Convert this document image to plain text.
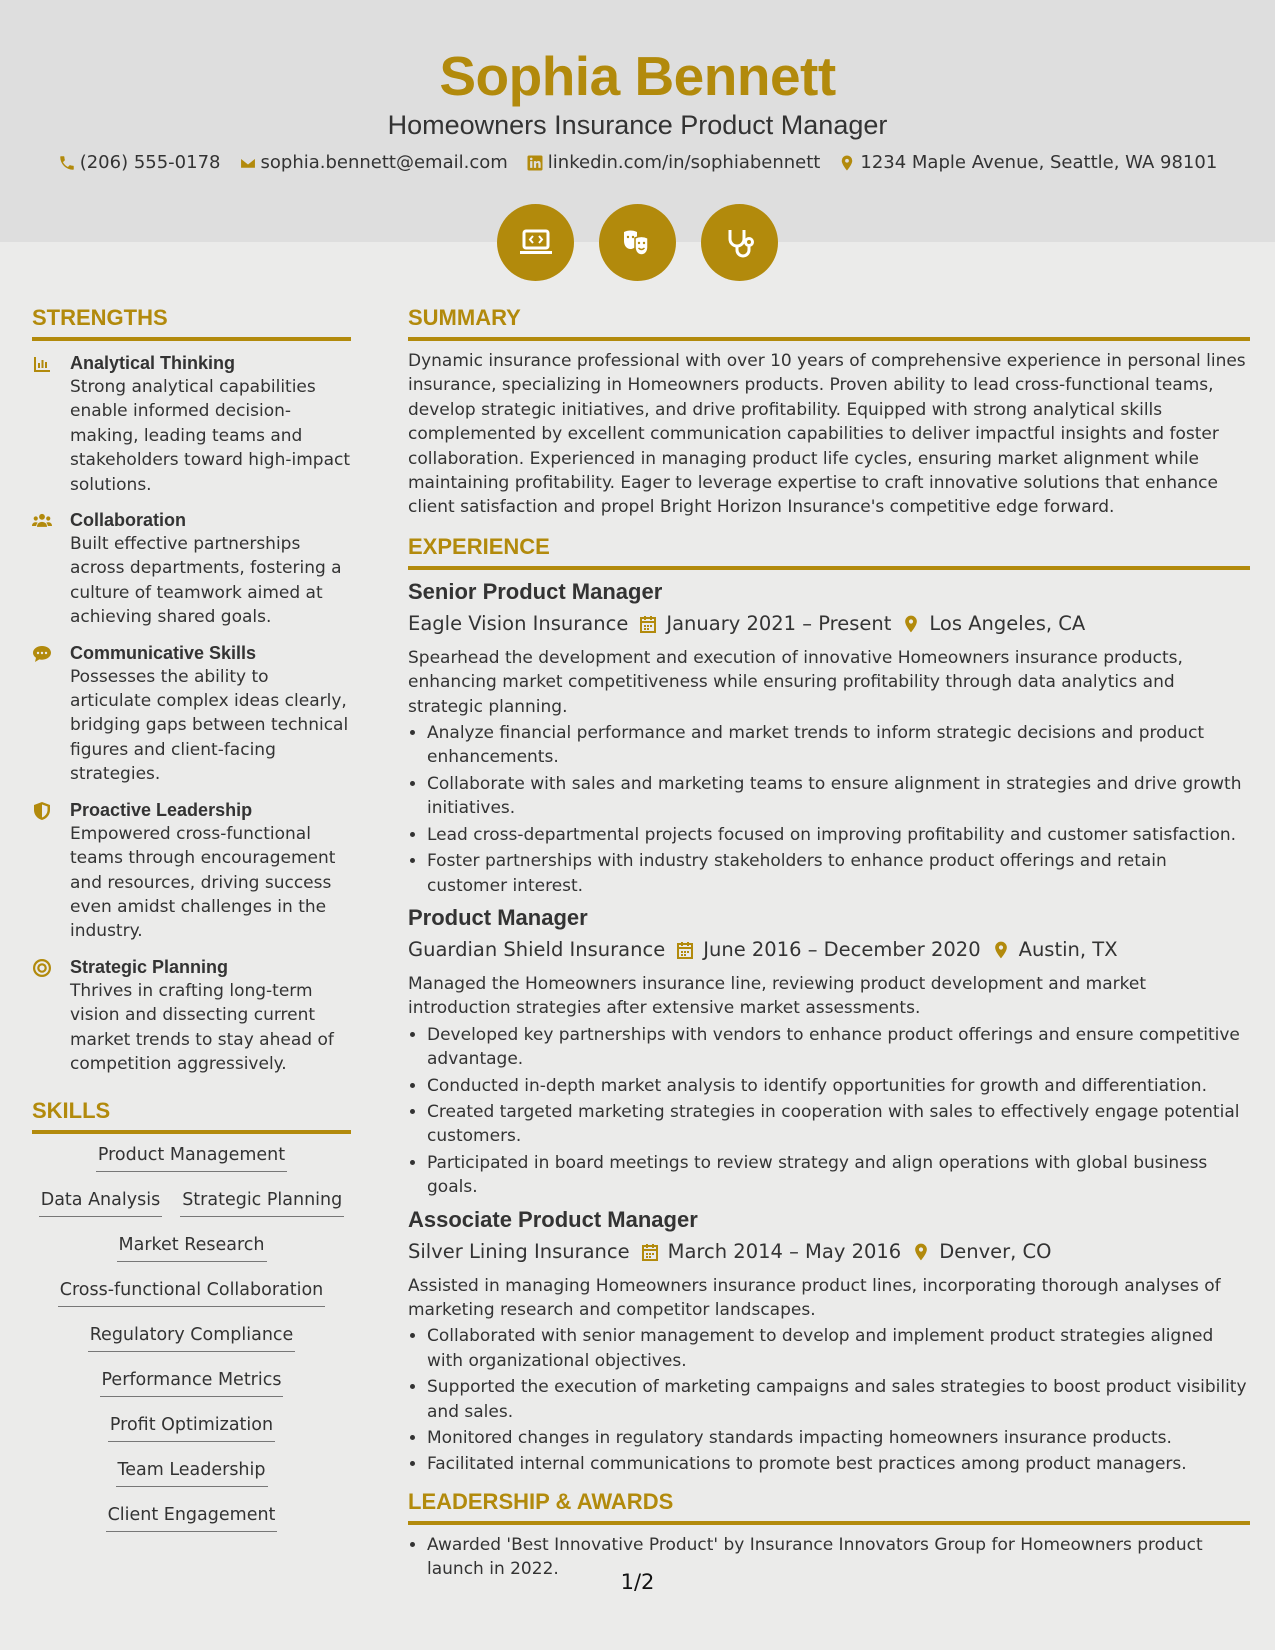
Sophia Bennett
Homeowners Insurance Product Manager
(206) 555-0178 sophia.bennett@email.com linkedin.com/in/sophiabennett 1234 Maple Avenue, Seattle, WA 98101
STRENGTHS
Analytical Thinking

Strong analytical capabilities enable informed decision-making, leading teams and stakeholders toward high-impact solutions.

Collaboration

Built effective partnerships across departments, fostering a culture of teamwork aimed at achieving shared goals.

Communicative Skills

Possesses the ability to articulate complex ideas clearly, bridging gaps between technical figures and client-facing strategies.

Proactive Leadership

Empowered cross-functional teams through encouragement and resources, driving success even amidst challenges in the industry.

Strategic Planning

Thrives in crafting long-term vision and dissecting current market trends to stay ahead of competition aggressively.

SKILLS
Product Management
Data Analysis Strategic Planning
Market Research
Cross-functional Collaboration
Regulatory Compliance
Performance Metrics
Profit Optimization
Team Leadership
Client Engagement
SUMMARY

Dynamic insurance professional with over 10 years of comprehensive experience in personal lines insurance, specializing in Homeowners products. Proven ability to lead cross-functional teams, develop strategic initiatives, and drive profitability. Equipped with strong analytical skills complemented by excellent communication capabilities to deliver impactful insights and foster collaboration. Experienced in managing product life cycles, ensuring market alignment while maintaining profitability. Eager to leverage expertise to craft innovative solutions that enhance client satisfaction and propel Bright Horizon Insurance's competitive edge forward.

EXPERIENCE
Senior Product Manager
Eagle Vision Insurance January 2021 – Present Los Angeles, CA

Spearhead the development and execution of innovative Homeowners insurance products, enhancing market competitiveness while ensuring profitability through data analytics and strategic planning.

• Analyze financial performance and market trends to inform strategic decisions and product enhancements.
• Collaborate with sales and marketing teams to ensure alignment in strategies and drive growth initiatives.
• Lead cross-departmental projects focused on improving profitability and customer satisfaction.
• Foster partnerships with industry stakeholders to enhance product offerings and retain customer interest.
Product Manager
Guardian Shield Insurance June 2016 – December 2020 Austin, TX

Managed the Homeowners insurance line, reviewing product development and market introduction strategies after extensive market assessments.

• Developed key partnerships with vendors to enhance product offerings and ensure competitive advantage.
• Conducted in-depth market analysis to identify opportunities for growth and differentiation.
• Created targeted marketing strategies in cooperation with sales to effectively engage potential customers.
• Participated in board meetings to review strategy and align operations with global business goals.
Associate Product Manager
Silver Lining Insurance March 2014 – May 2016 Denver, CO

Assisted in managing Homeowners insurance product lines, incorporating thorough analyses of marketing research and competitor landscapes.

• Collaborated with senior management to develop and implement product strategies aligned with organizational objectives.
• Supported the execution of marketing campaigns and sales strategies to boost product visibility and sales.
• Monitored changes in regulatory standards impacting homeowners insurance products.
• Facilitated internal communications to promote best practices among product managers.
LEADERSHIP & AWARDS
• Awarded 'Best Innovative Product' by Insurance Innovators Group for Homeowners product launch in 2022.
1/2
